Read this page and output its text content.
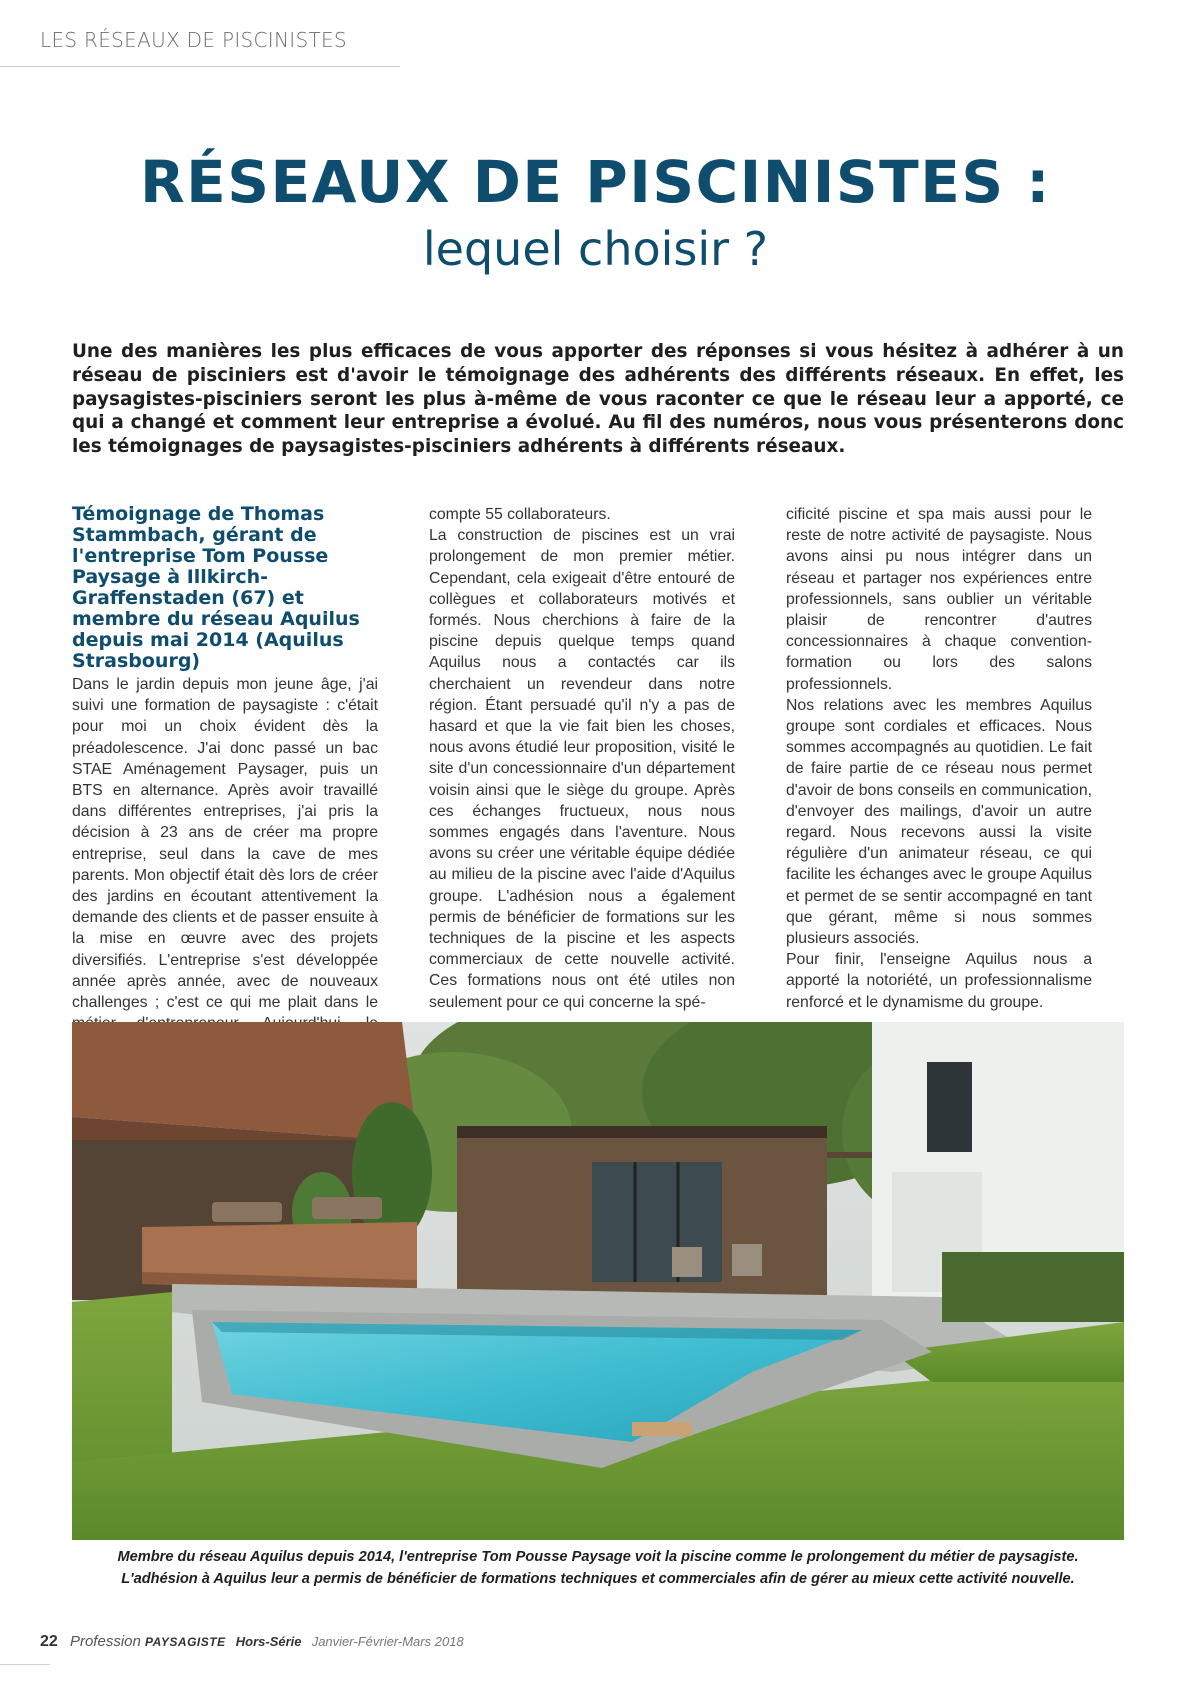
LES RÉSEAUX DE PISCINISTES
RÉSEAUX DE PISCINISTES :
lequel choisir ?
Une des manières les plus efficaces de vous apporter des réponses si vous hésitez à adhérer à un réseau de pisciniers est d'avoir le témoignage des adhérents des différents réseaux. En effet, les paysagistes-pisciniers seront les plus à-même de vous raconter ce que le réseau leur a apporté, ce qui a changé et comment leur entreprise a évolué. Au fil des numéros, nous vous présenterons donc les témoignages de paysagistes-pisciniers adhérents à différents réseaux.
Témoignage de Thomas Stammbach, gérant de l'entreprise Tom Pousse Paysage à Illkirch-Graffenstaden (67) et membre du réseau Aquilus depuis mai 2014 (Aquilus Strasbourg)

Dans le jardin depuis mon jeune âge, j'ai suivi une formation de paysagiste : c'était pour moi un choix évident dès la préadolescence. J'ai donc passé un bac STAE Aménagement Paysager, puis un BTS en alternance. Après avoir travaillé dans différentes entreprises, j'ai pris la décision à 23 ans de créer ma propre entreprise, seul dans la cave de mes parents. Mon objectif était dès lors de créer des jardins en écoutant attentivement la demande des clients et de passer ensuite à la mise en œuvre avec des projets diversifiés. L'entreprise s'est développée année après année, avec de nouveaux challenges ; c'est ce qui me plait dans le

compte 55 collaborateurs.

La construction de piscines est un vrai prolongement de mon premier métier. Cependant, cela exigeait d'être entouré de collègues et collaborateurs motivés et formés. Nous cherchions à faire de la piscine depuis quelque temps quand Aquilus nous a contactés car ils cherchaient un revendeur dans notre région. Étant persuadé qu'il n'y a pas de hasard et que la vie fait bien les choses, nous avons étudié leur proposition, visité le site d'un concessionnaire d'un département voisin ainsi que le siège du groupe. Après ces échanges fructueux, nous nous sommes engagés dans l'aventure. Nous avons su créer une véritable équipe dédiée au milieu de la piscine avec l'aide d'Aquilus groupe. L'adhésion nous a également permis de bénéficier de formations sur les techniques de la piscine et les aspects commerciaux de cette nouvelle activité. Ces formations nous ont été utiles non seulement pour ce qui concerne la spé-

cificité piscine et spa mais aussi pour le reste de notre activité de paysagiste. Nous avons ainsi pu nous intégrer dans un réseau et partager nos expériences entre professionnels, sans oublier un véritable plaisir de rencontrer d'autres concessionnaires à chaque convention-formation ou lors des salons professionnels.

Nos relations avec les membres Aquilus groupe sont cordiales et efficaces. Nous sommes accompagnés au quotidien. Le fait de faire partie de ce réseau nous permet d'avoir de bons conseils en communication, d'envoyer des mailings, d'avoir un autre regard. Nous recevons aussi la visite régulière d'un animateur réseau, ce qui facilite les échanges avec le groupe Aquilus et permet de se sentir accompagné en tant que gérant, même si nous sommes plusieurs associés.

Pour finir, l'enseigne Aquilus nous a apporté la notoriété, un professionnalisme renforcé et le dynamisme du groupe.

Membre du réseau Aquilus depuis 2014, l'entreprise Tom Pousse Paysage voit la piscine comme le prolongement du métier de paysagiste.
L'adhésion à Aquilus leur a permis de bénéficier de formations techniques et commerciales afin de gérer au mieux cette activité nouvelle.
22 Profession PAYSAGISTE Hors-Série Janvier-Février-Mars 2018
